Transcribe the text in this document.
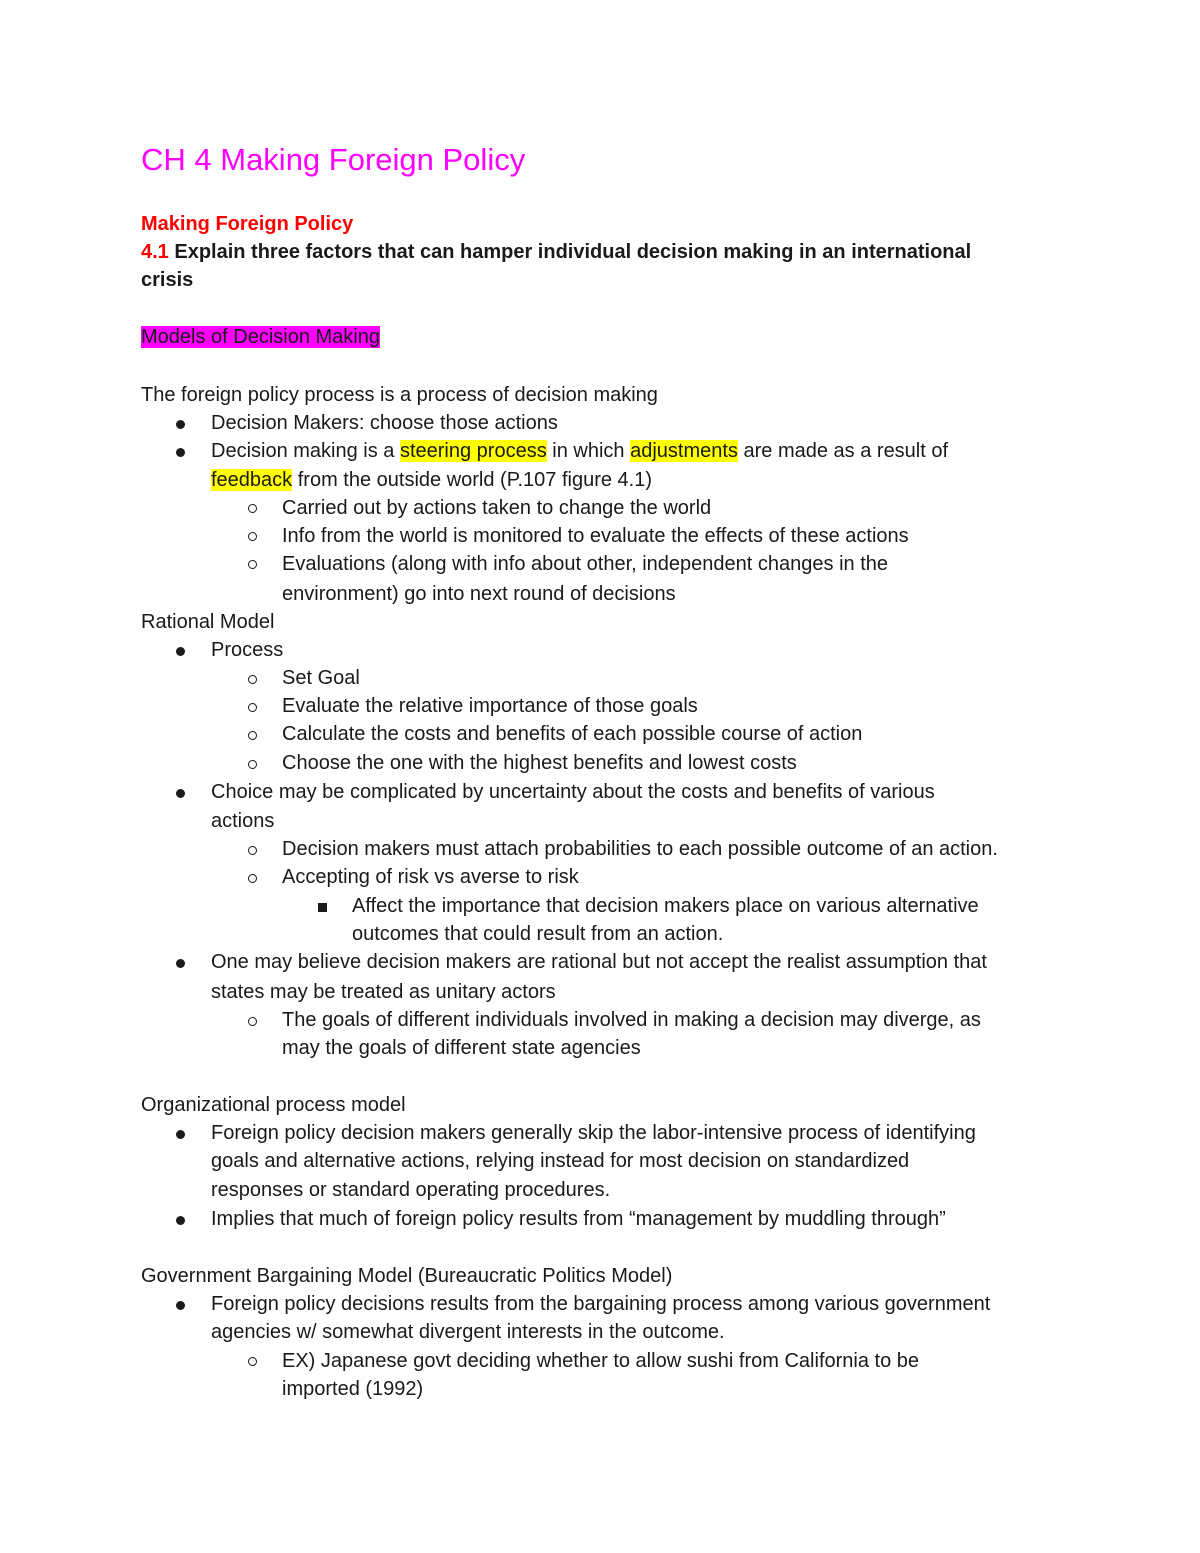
CH 4 Making Foreign Policy
Making Foreign Policy
4.1 Explain three factors that can hamper individual decision making in an international
crisis
Models of Decision Making
The foreign policy process is a process of decision making
Decision Makers: choose those actions
Decision making is a steering process in which adjustments are made as a result of
feedback from the outside world (P.107 figure 4.1)
Carried out by actions taken to change the world
Info from the world is monitored to evaluate the effects of these actions
Evaluations (along with info about other, independent changes in the
environment) go into next round of decisions
Rational Model
Process
Set Goal
Evaluate the relative importance of those goals
Calculate the costs and benefits of each possible course of action
Choose the one with the highest benefits and lowest costs
Choice may be complicated by uncertainty about the costs and benefits of various
actions
Decision makers must attach probabilities to each possible outcome of an action.
Accepting of risk vs averse to risk
Affect the importance that decision makers place on various alternative
outcomes that could result from an action.
One may believe decision makers are rational but not accept the realist assumption that
states may be treated as unitary actors
The goals of different individuals involved in making a decision may diverge, as
may the goals of different state agencies
Organizational process model
Foreign policy decision makers generally skip the labor-intensive process of identifying
goals and alternative actions, relying instead for most decision on standardized
responses or standard operating procedures.
Implies that much of foreign policy results from “management by muddling through”
Government Bargaining Model (Bureaucratic Politics Model)
Foreign policy decisions results from the bargaining process among various government
agencies w/ somewhat divergent interests in the outcome.
EX) Japanese govt deciding whether to allow sushi from California to be
imported (1992)
